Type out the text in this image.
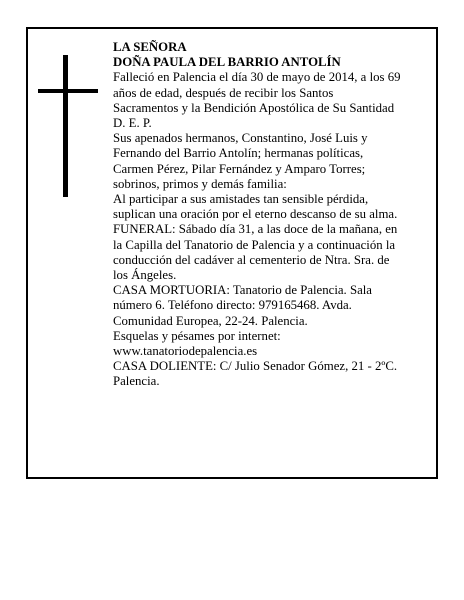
LA SEÑORA
DOÑA PAULA DEL BARRIO ANTOLÍN
Falleció en Palencia el día 30 de mayo de 2014, a los 69
años de edad, después de recibir los Santos
Sacramentos y la Bendición Apostólica de Su Santidad
D. E. P.
Sus apenados hermanos, Constantino, José Luis y
Fernando del Barrio Antolín; hermanas políticas,
Carmen Pérez, Pilar Fernández y Amparo Torres;
sobrinos, primos y demás familia:
Al participar a sus amistades tan sensible pérdida,
suplican una oración por el eterno descanso de su alma.
FUNERAL: Sábado día 31, a las doce de la mañana, en
la Capilla del Tanatorio de Palencia y a continuación la
conducción del cadáver al cementerio de Ntra. Sra. de
los Ángeles.
CASA MORTUORIA: Tanatorio de Palencia. Sala
número 6. Teléfono directo: 979165468. Avda.
Comunidad Europea, 22-24. Palencia.
Esquelas y pésames por internet:
www.tanatoriodepalencia.es
CASA DOLIENTE: C/ Julio Senador Gómez, 21 - 2ºC.
Palencia.
